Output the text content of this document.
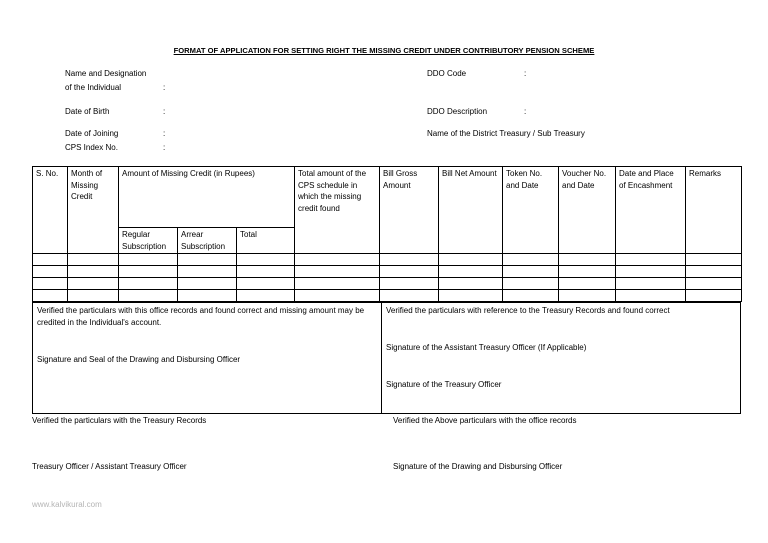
FORMAT OF APPLICATION FOR SETTING RIGHT THE MISSING CREDIT UNDER CONTRIBUTORY PENSION SCHEME
Name and Designation
of the Individual	:
Date of Birth	:
Date of Joining	:
CPS Index No.	:
DDO Code	:
DDO Description	:
Name of the District Treasury / Sub Treasury
S. No.	Month of Missing Credit	Amount of Missing Credit (in Rupees)			Total amount of the CPS schedule in which the missing credit found	Bill Gross Amount	Bill Net Amount	Token No. and Date	Voucher No. and Date	Date and Place of Encashment	Remarks
		Regular Subscription	Arrear Subscription	Total							

Verified the particulars with this office records and found correct and missing amount may be credited in the Individual's account.
Signature and Seal of the Drawing and Disbursing Officer
Verified the particulars with reference to the Treasury Records and found correct
Signature of the Assistant Treasury Officer (If Applicable)
Signature of the Treasury Officer
Verified the particulars with the Treasury Records	Verified the Above particulars with the office records
Treasury Officer / Assistant Treasury Officer	Signature of the Drawing and Disbursing Officer
www.kalvikural.com
